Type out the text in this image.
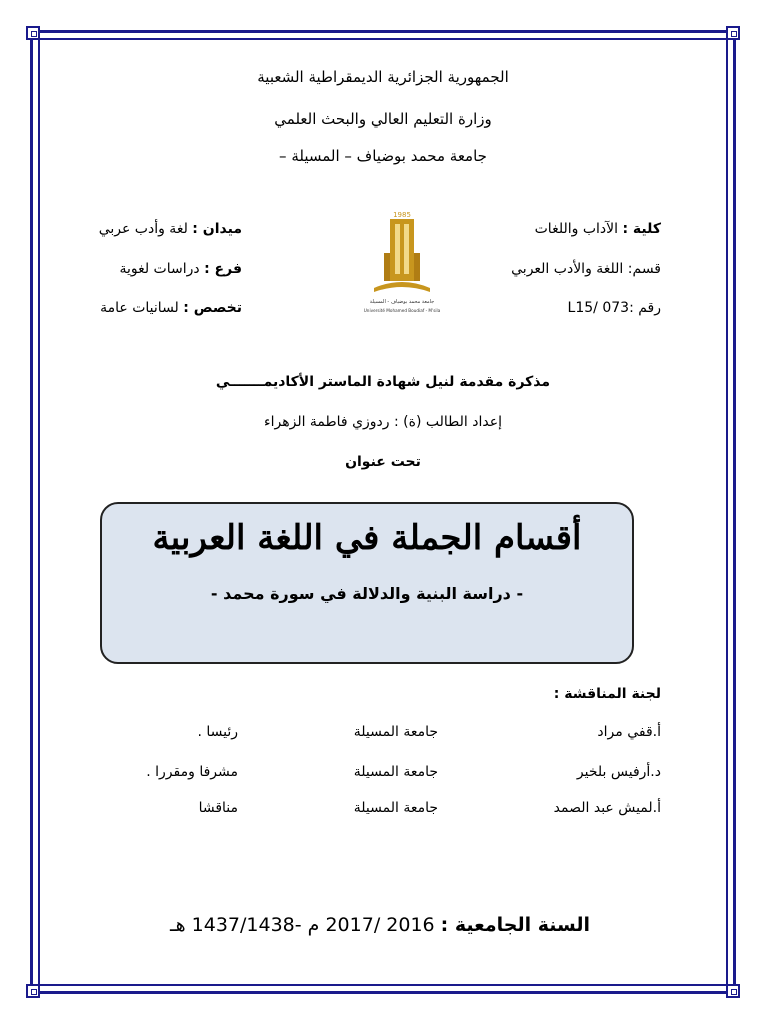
الجمهورية الجزائرية الديمقراطية الشعبية
وزارة التعليم العالي والبحث العلمي
جامعة محمد بوضياف – المسيلة –
كلية : الآداب واللغات
قسم: اللغة والأدب العربي
رقم :L15/ 073
ميدان : لغة وأدب عربي
فرع : دراسات لغوية
تخصص : لسانيات عامة
1985
جامعة محمد بوضياف - المسيلة
Université Mohamed Boudiaf - M'sila
مذكرة مقدمة لنيل شهادة الماستر الأكاديمـــــــي
إعداد الطالب (ة) : ردوزي فاطمة الزهراء
تحت عنوان
أقسام الجملة في اللغة العربية
- دراسة البنية والدلالة في سورة محمد -
لجنة المناقشة :
أ.قفي مراد
جامعة المسيلة
رئيسا .
د.أرفيس بلخير
جامعة المسيلة
مشرفا ومقررا .
أ.لميش عبد الصمد
جامعة المسيلة
مناقشا
السنة الجامعية : 2016 /2017 م -1437/1438 هـ
